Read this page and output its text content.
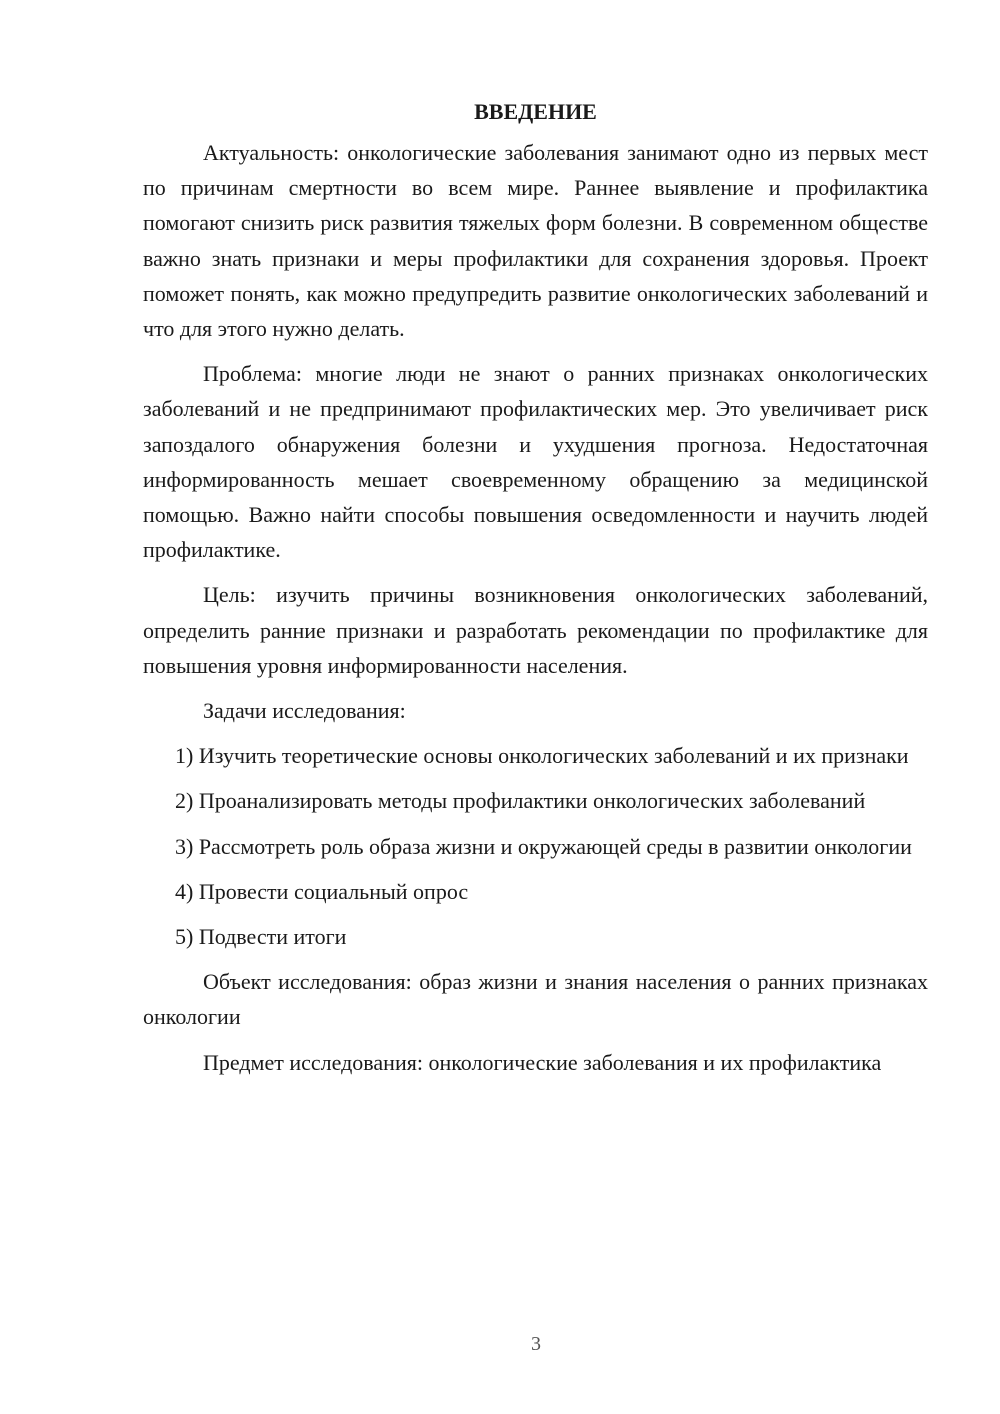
ВВЕДЕНИЕ

Актуальность: онкологические заболевания занимают одно из первых мест по причинам смертности во всем мире. Раннее выявление и профилактика помогают снизить риск развития тяжелых форм болезни. В современном обществе важно знать признаки и меры профилактики для сохранения здоровья. Проект поможет понять, как можно предупредить развитие онкологических заболеваний и что для этого нужно делать.

Проблема: многие люди не знают о ранних признаках онкологических заболеваний и не предпринимают профилактических мер. Это увеличивает риск запоздалого обнаружения болезни и ухудшения прогноза. Недостаточная информированность мешает своевременному обращению за медицинской помощью. Важно найти способы повышения осведомленности и научить людей профилактике.

Цель: изучить причины возникновения онкологических заболеваний, определить ранние признаки и разработать рекомендации по профилактике для повышения уровня информированности населения.

Задачи исследования:

1) Изучить теоретические основы онкологических заболеваний и их признаки

2) Проанализировать методы профилактики онкологических заболеваний

3) Рассмотреть роль образа жизни и окружающей среды в развитии онкологии

4) Провести социальный опрос

5) Подвести итоги

Объект исследования: образ жизни и знания населения о ранних признаках онкологии

Предмет исследования: онкологические заболевания и их профилактика

3
